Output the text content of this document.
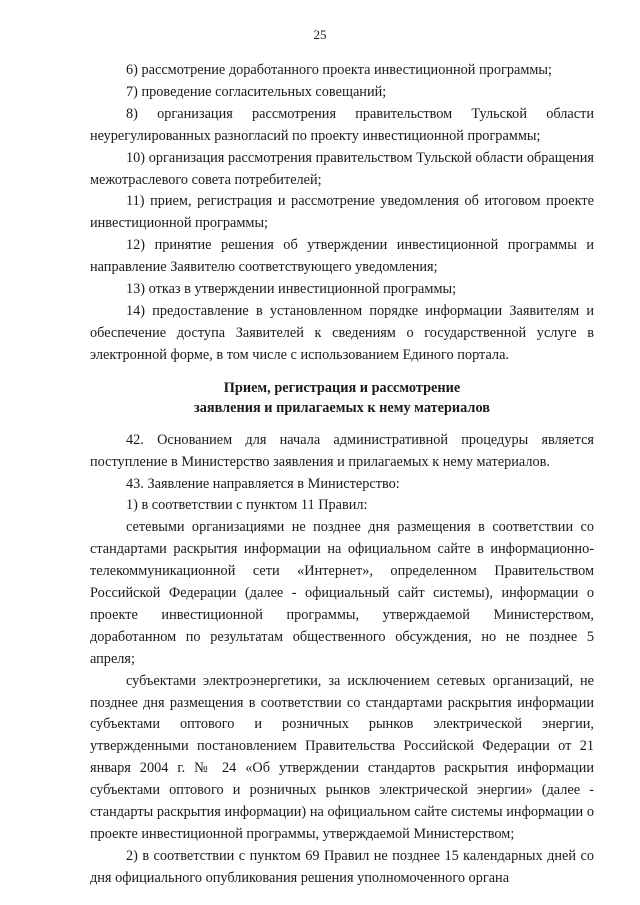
25

6) рассмотрение доработанного проекта инвестиционной программы;

7) проведение согласительных совещаний;

8) организация рассмотрения правительством Тульской области неурегулированных разногласий по проекту инвестиционной программы;

10) организация рассмотрения правительством Тульской области обращения межотраслевого совета потребителей;

11) прием, регистрация и рассмотрение уведомления об итоговом проекте инвестиционной программы;

12) принятие решения об утверждении инвестиционной программы и направление Заявителю соответствующего уведомления;

13) отказ в утверждении инвестиционной программы;

14) предоставление в установленном порядке информации Заявителям и обеспечение доступа Заявителей к сведениям о государственной услуге в электронной форме, в том числе с использованием Единого портала.

Прием, регистрация и рассмотрение
заявления и прилагаемых к нему материалов

42. Основанием для начала административной процедуры является поступление в Министерство заявления и прилагаемых к нему материалов.

43. Заявление направляется в Министерство:

1) в соответствии с пунктом 11 Правил:

сетевыми организациями не позднее дня размещения в соответствии со стандартами раскрытия информации на официальном сайте в информационно-телекоммуникационной сети «Интернет», определенном Правительством Российской Федерации (далее - официальный сайт системы), информации о проекте инвестиционной программы, утверждаемой Министерством, доработанном по результатам общественного обсуждения, но не позднее 5 апреля;

субъектами электроэнергетики, за исключением сетевых организаций, не позднее дня размещения в соответствии со стандартами раскрытия информации субъектами оптового и розничных рынков электрической энергии, утвержденными постановлением Правительства Российской Федерации от 21 января 2004 г. № 24 «Об утверждении стандартов раскрытия информации субъектами оптового и розничных рынков электрической энергии» (далее - стандарты раскрытия информации) на официальном сайте системы информации о проекте инвестиционной программы, утверждаемой Министерством;

2) в соответствии с пунктом 69 Правил не позднее 15 календарных дней со дня официального опубликования решения уполномоченного органа
